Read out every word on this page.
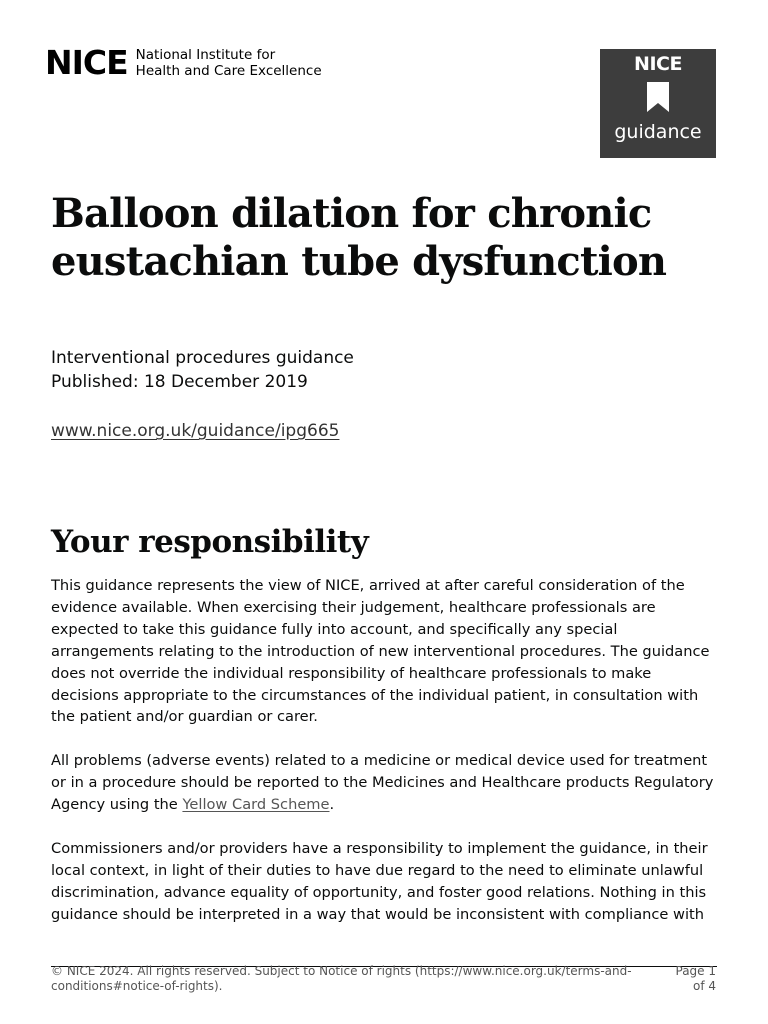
NICE National Institute for
Health and Care Excellence	NICE
guidance
Balloon dilation for chronic
eustachian tube dysfunction
Interventional procedures guidance
Published: 18 December 2019
www.nice.org.uk/guidance/ipg665
Your responsibility

This guidance represents the view of NICE, arrived at after careful consideration of the evidence available. When exercising their judgement, healthcare professionals are expected to take this guidance fully into account, and specifically any special arrangements relating to the introduction of new interventional procedures. The guidance does not override the individual responsibility of healthcare professionals to make decisions appropriate to the circumstances of the individual patient, in consultation with the patient and/or guardian or carer.

All problems (adverse events) related to a medicine or medical device used for treatment or in a procedure should be reported to the Medicines and Healthcare products Regulatory Agency using the Yellow Card Scheme.

Commissioners and/or providers have a responsibility to implement the guidance, in their local context, in light of their duties to have due regard to the need to eliminate unlawful discrimination, advance equality of opportunity, and foster good relations. Nothing in this guidance should be interpreted in a way that would be inconsistent with compliance with

© NICE 2024. All rights reserved. Subject to Notice of rights (https://www.nice.org.uk/terms-and-conditions#notice-of-rights).
Page 1
of 4
